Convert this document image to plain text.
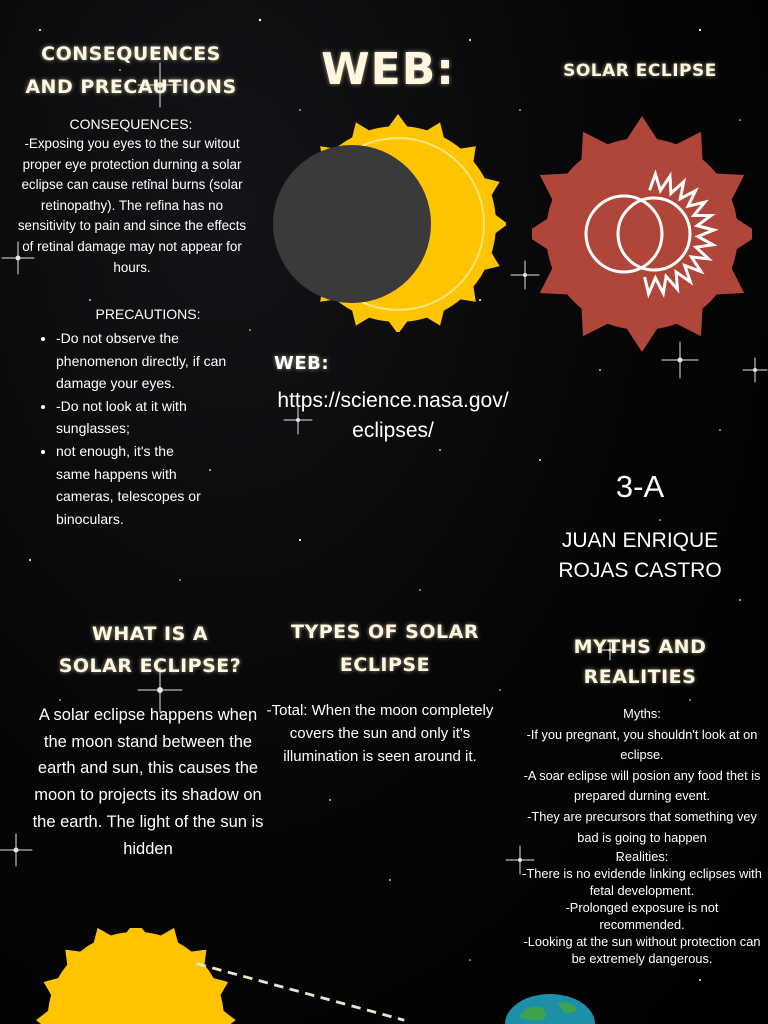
CONSEQUENCES AND PRECAUTIONS
CONSEQUENCES:
-Exposing you eyes to the sur witout proper eye protection durning a solar eclipse can cause retinal burns (solar retinopathy). The refina has no sensitivity to pain and since the effects of retinal damage may not appear for hours.
PRECAUTIONS:
• -Do not observe the phenomenon directly, if can damage your eyes.
• -Do not look at it with sunglasses;
• not enough, it's the
same happens with cameras, telescopes or binoculars.
WEB:
WEB:
https://science.nasa.gov/eclipses/
SOLAR ECLIPSE
3-A
JUAN ENRIQUE
ROJAS CASTRO
WHAT IS A SOLAR ECLIPSE?
A solar eclipse happens when the moon stand between the earth and sun, this causes the moon to projects its shadow on the earth. The light of the sun is hidden
TYPES OF SOLAR ECLIPSE
-Total: When the moon completely covers the sun and only it's illumination is seen around it.
MYTHS AND REALITIES
Myths:
-If you pregnant, you shouldn't look at on eclipse.
-A soar eclipse will posion any food thet is prepared durning event.
-They are precursors that something vey bad is going to happen
Realities:
-There is no evidende linking eclipses with fetal development.
-Prolonged exposure is not recommended.
-Looking at the sun without protection can be extremely dangerous.
